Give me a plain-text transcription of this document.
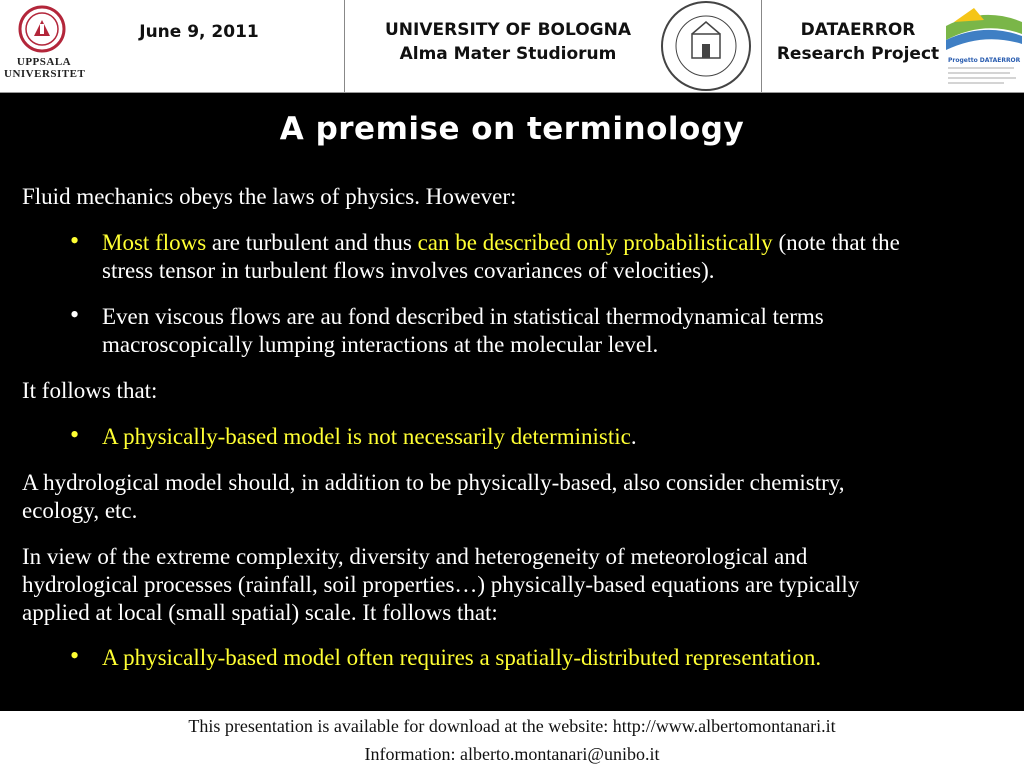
UPPSALA UNIVERSITET
June 9, 2011	UNIVERSITY OF BOLOGNA
Alma Mater Studiorum
DATAERROR
Research Project	Progetto DATAERROR
A premise on terminology
Fluid mechanics obeys the laws of physics. However:
• Most flows are turbulent and thus can be described only probabilistically (note that the
stress tensor in turbulent flows involves covariances of velocities).
• Even viscous flows are au fond described in statistical thermodynamical terms
macroscopically lumping interactions at the molecular level.
It follows that:
• A physically-based model is not necessarily deterministic.
A hydrological model should, in addition to be physically-based, also consider chemistry,
ecology, etc.
In view of the extreme complexity, diversity and heterogeneity of meteorological and
hydrological processes (rainfall, soil properties…) physically-based equations are typically
applied at local (small spatial) scale. It follows that:
• A physically-based model often requires a spatially-distributed representation.
This presentation is available for download at the website: http://www.albertomontanari.it
Information: alberto.montanari@unibo.it
